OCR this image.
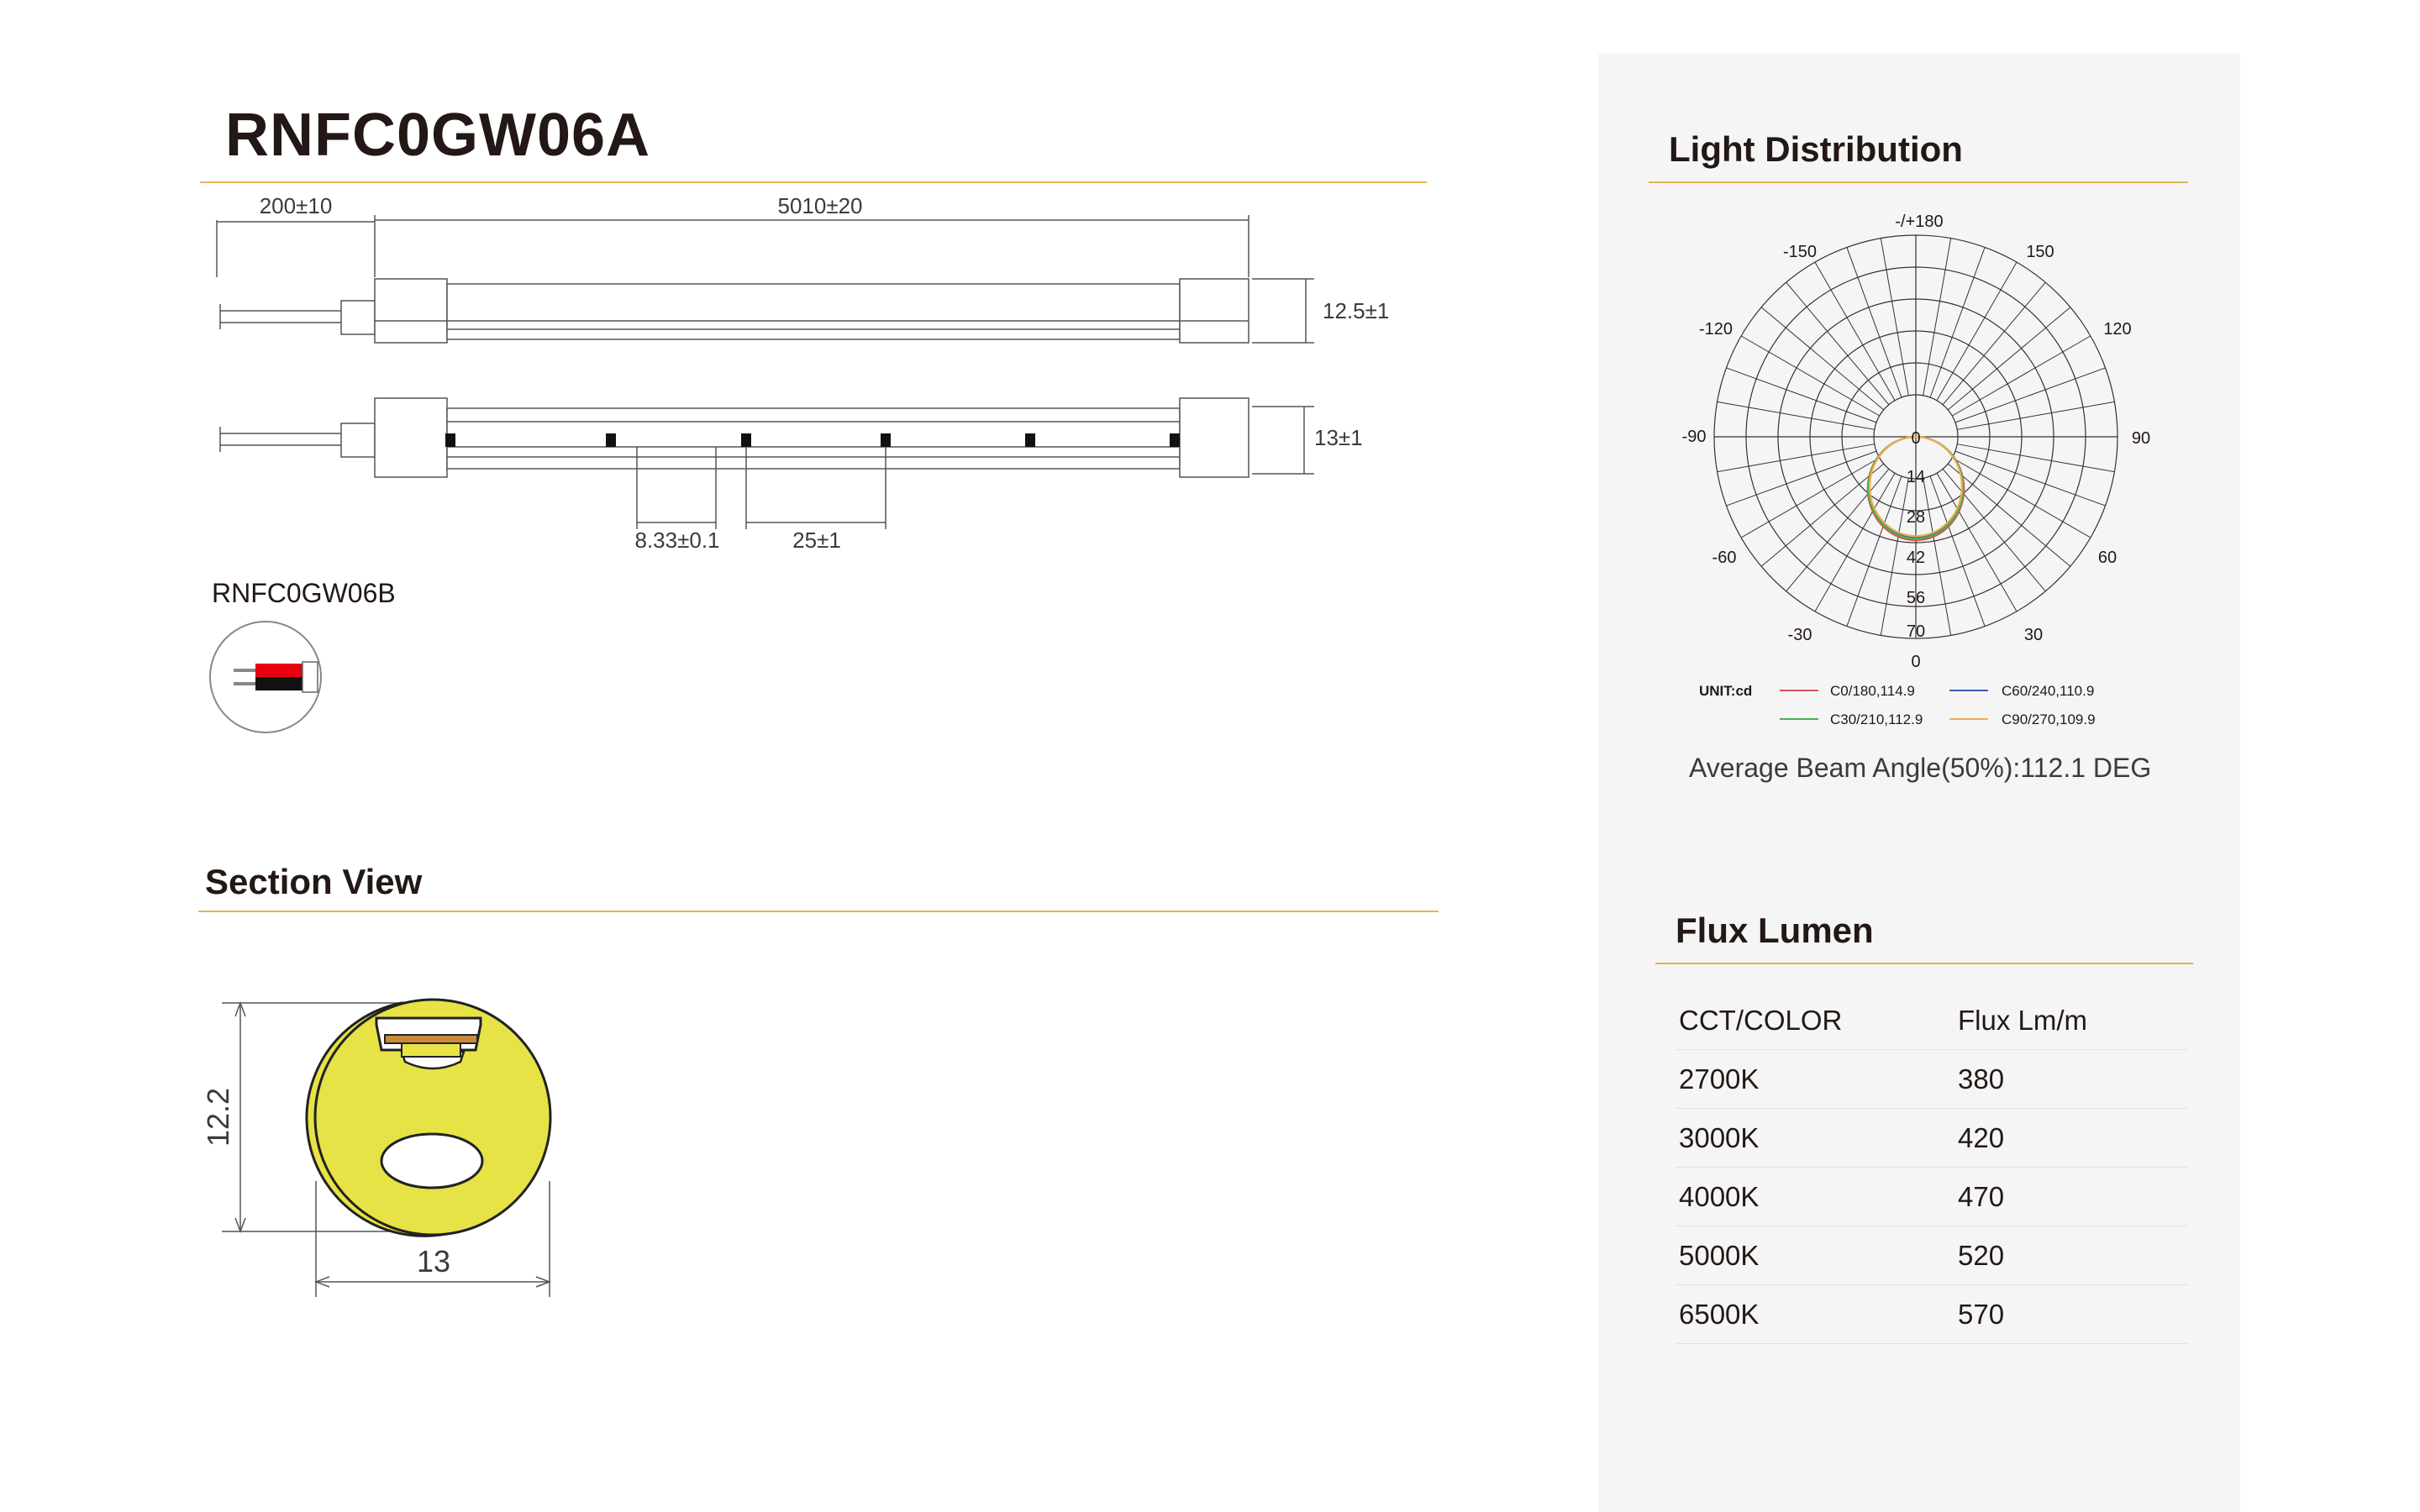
RNFC0GW06A
200±10	5010±20
12.5±1
13±1
8.33±0.1	25±1
RNFC0GW06B
Section View
12.2
13
Light Distribution
-/+180
-150	150
-120	120
-90	90
-60	60
-30	30
0
0
14
28
42
56
70
UNIT:cd	C0/180,114.9	C60/240,110.9
C30/210,112.9	C90/270,109.9
Average Beam Angle(50%):112.1 DEG
Flux Lumen
CCT/COLOR	Flux Lm/m
2700K	380
3000K	420
4000K	470
5000K	520
6500K	570
